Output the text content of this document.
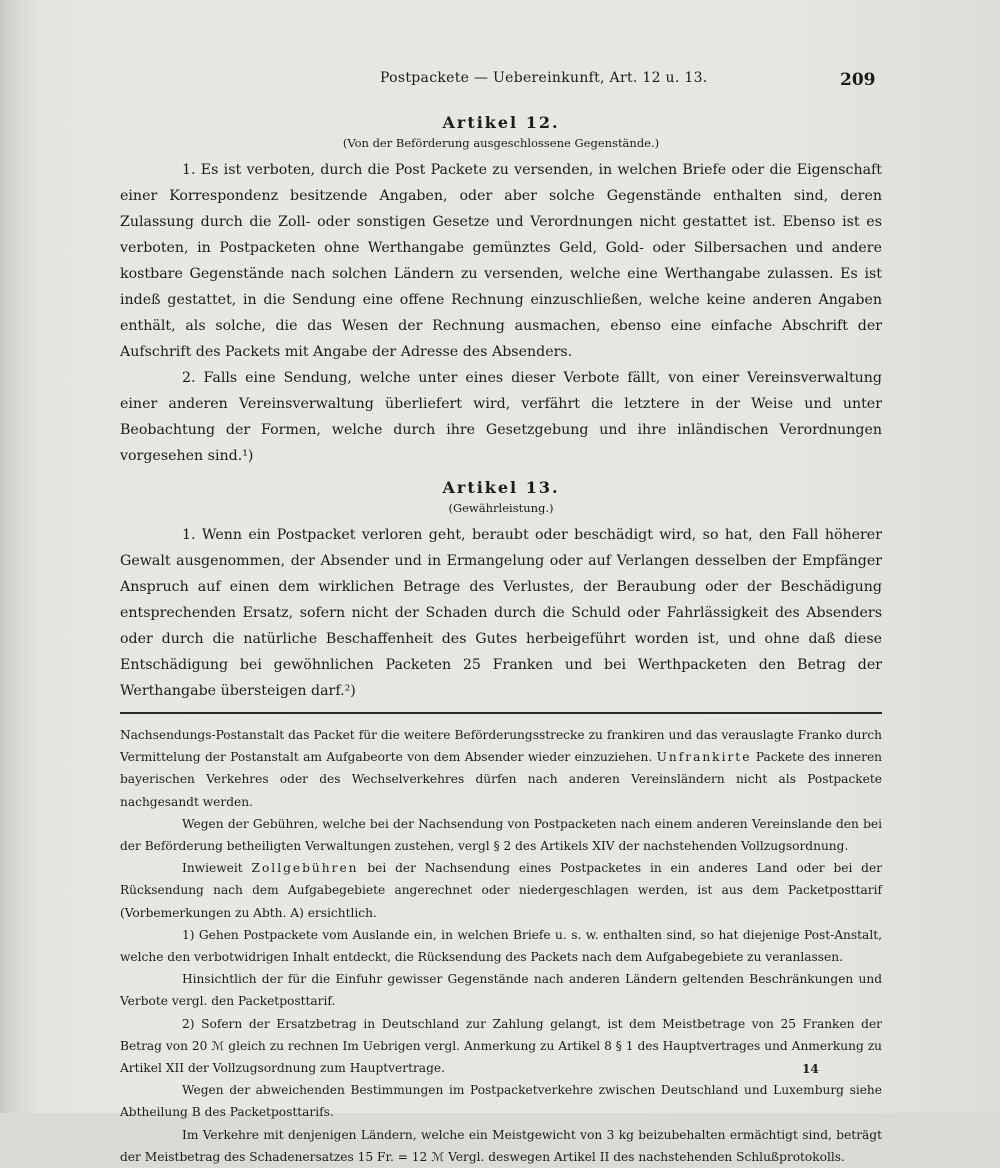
Postpackete — Uebereinkunft, Art. 12 u. 13.	209
Artikel 12.
(Von der Beförderung ausgeschlossene Gegenstände.)

1. Es ist verboten, durch die Post Packete zu versenden, in welchen Briefe oder die Eigenschaft einer Korrespondenz besitzende Angaben, oder aber solche Gegenstände enthalten sind, deren Zulassung durch die Zoll- oder sonstigen Gesetze und Verordnungen nicht gestattet ist. Ebenso ist es verboten, in Postpacketen ohne Werthangabe gemünztes Geld, Gold- oder Silbersachen und andere kostbare Gegenstände nach solchen Ländern zu versenden, welche eine Werthangabe zulassen. Es ist indeß gestattet, in die Sendung eine offene Rechnung einzuschließen, welche keine anderen Angaben enthält, als solche, die das Wesen der Rechnung ausmachen, ebenso eine einfache Abschrift der Aufschrift des Packets mit Angabe der Adresse des Absenders.

2. Falls eine Sendung, welche unter eines dieser Verbote fällt, von einer Vereinsverwaltung einer anderen Vereinsverwaltung überliefert wird, verfährt die letztere in der Weise und unter Beobachtung der Formen, welche durch ihre Gesetzgebung und ihre inländischen Verordnungen vorgesehen sind.¹)

Artikel 13.
(Gewährleistung.)

1. Wenn ein Postpacket verloren geht, beraubt oder beschädigt wird, so hat, den Fall höherer Gewalt ausgenommen, der Absender und in Ermangelung oder auf Verlangen desselben der Empfänger Anspruch auf einen dem wirklichen Betrage des Verlustes, der Beraubung oder der Beschädigung entsprechenden Ersatz, sofern nicht der Schaden durch die Schuld oder Fahrlässigkeit des Absenders oder durch die natürliche Beschaffenheit des Gutes herbeigeführt worden ist, und ohne daß diese Entschädigung bei gewöhnlichen Packeten 25 Franken und bei Werthpacketen den Betrag der Werthangabe übersteigen darf.²)

Nachsendungs-Postanstalt das Packet für die weitere Beförderungsstrecke zu frankiren und das verauslagte Franko durch Vermittelung der Postanstalt am Aufgabeorte von dem Absender wieder einzuziehen. Unfrankirte Packete des inneren bayerischen Verkehres oder des Wechselverkehres dürfen nach anderen Vereinsländern nicht als Postpackete nachgesandt werden.

Wegen der Gebühren, welche bei der Nachsendung von Postpacketen nach einem anderen Vereinslande den bei der Beförderung betheiligten Verwaltungen zustehen, vergl § 2 des Artikels XIV der nachstehenden Vollzugsordnung.

Inwieweit Zollgebühren bei der Nachsendung eines Postpacketes in ein anderes Land oder bei der Rücksendung nach dem Aufgabegebiete angerechnet oder niedergeschlagen werden, ist aus dem Packetposttarif (Vorbemerkungen zu Abth. A) ersichtlich.

1) Gehen Postpackete vom Auslande ein, in welchen Briefe u. s. w. enthalten sind, so hat diejenige Post-Anstalt, welche den verbotwidrigen Inhalt entdeckt, die Rücksendung des Packets nach dem Aufgabegebiete zu veranlassen.

Hinsichtlich der für die Einfuhr gewisser Gegenstände nach anderen Ländern geltenden Beschränkungen und Verbote vergl. den Packetposttarif.

2) Sofern der Ersatzbetrag in Deutschland zur Zahlung gelangt, ist dem Meistbetrage von 25 Franken der Betrag von 20 ℳ gleich zu rechnen Im Uebrigen vergl. Anmerkung zu Artikel 8 § 1 des Hauptvertrages und Anmerkung zu Artikel XII der Vollzugsordnung zum Hauptvertrage.

Wegen der abweichenden Bestimmungen im Postpacketverkehre zwischen Deutschland und Luxemburg siehe Abtheilung B des Packetposttarifs.

Im Verkehre mit denjenigen Ländern, welche ein Meistgewicht von 3 kg beizubehalten ermächtigt sind, beträgt der Meistbetrag des Schadenersatzes 15 Fr. = 12 ℳ Vergl. deswegen Artikel II des nachstehenden Schlußprotokolls.

14
